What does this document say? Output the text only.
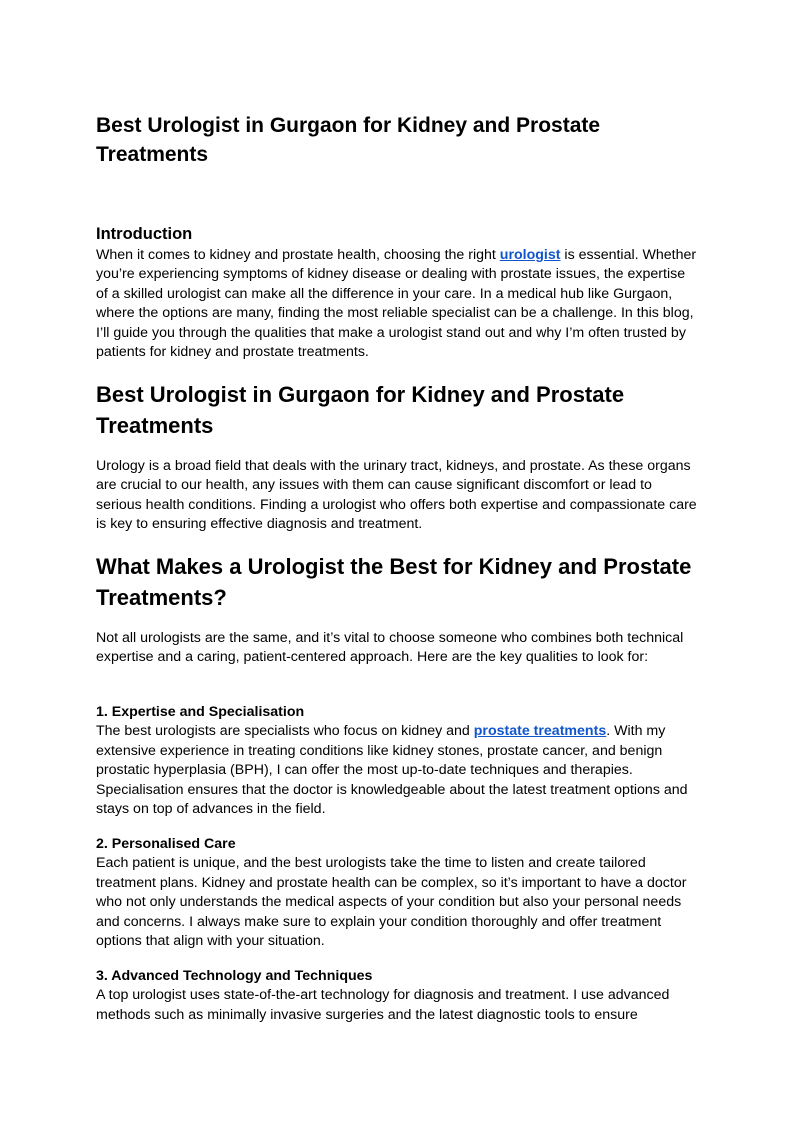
Best Urologist in Gurgaon for Kidney and Prostate Treatments
Introduction

When it comes to kidney and prostate health, choosing the right urologist is essential. Whether you’re experiencing symptoms of kidney disease or dealing with prostate issues, the expertise of a skilled urologist can make all the difference in your care. In a medical hub like Gurgaon, where the options are many, finding the most reliable specialist can be a challenge. In this blog, I’ll guide you through the qualities that make a urologist stand out and why I’m often trusted by patients for kidney and prostate treatments.

Best Urologist in Gurgaon for Kidney and Prostate Treatments

Urology is a broad field that deals with the urinary tract, kidneys, and prostate. As these organs are crucial to our health, any issues with them can cause significant discomfort or lead to serious health conditions. Finding a urologist who offers both expertise and compassionate care is key to ensuring effective diagnosis and treatment.

What Makes a Urologist the Best for Kidney and Prostate Treatments?

Not all urologists are the same, and it’s vital to choose someone who combines both technical expertise and a caring, patient-centered approach. Here are the key qualities to look for:

1. Expertise and Specialisation
The best urologists are specialists who focus on kidney and prostate treatments. With my extensive experience in treating conditions like kidney stones, prostate cancer, and benign prostatic hyperplasia (BPH), I can offer the most up-to-date techniques and therapies. Specialisation ensures that the doctor is knowledgeable about the latest treatment options and stays on top of advances in the field.

2. Personalised Care
Each patient is unique, and the best urologists take the time to listen and create tailored treatment plans. Kidney and prostate health can be complex, so it’s important to have a doctor who not only understands the medical aspects of your condition but also your personal needs and concerns. I always make sure to explain your condition thoroughly and offer treatment options that align with your situation.

3. Advanced Technology and Techniques
A top urologist uses state-of-the-art technology for diagnosis and treatment. I use advanced methods such as minimally invasive surgeries and the latest diagnostic tools to ensure
